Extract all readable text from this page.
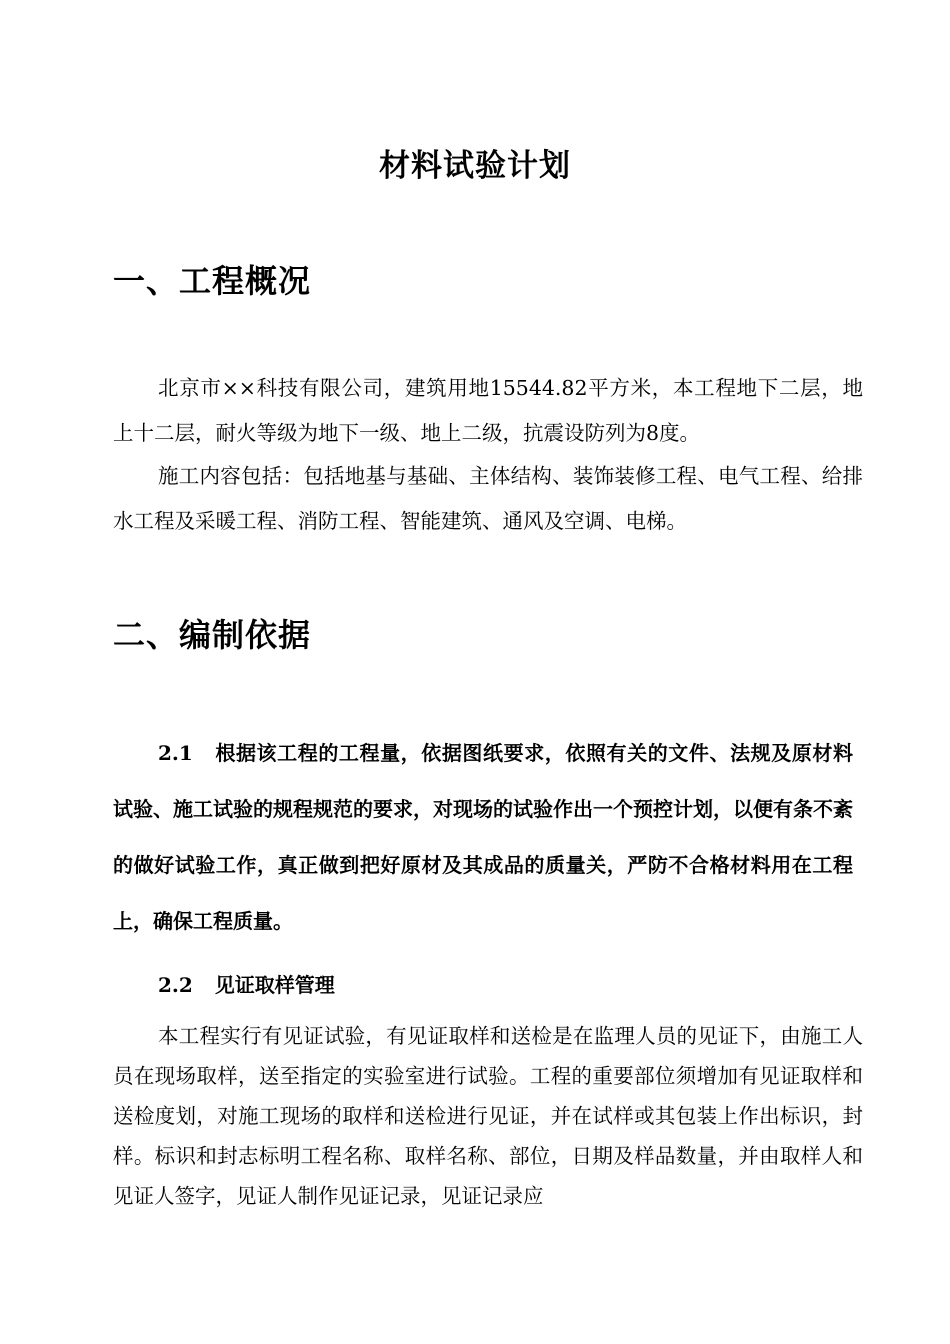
材料试验计划
一、工程概况

北京市××科技有限公司，建筑用地15544.82平方米，本工程地下二层，地上十二层，耐火等级为地下一级、地上二级，抗震设防列为8度。

施工内容包括：包括地基与基础、主体结构、装饰装修工程、电气工程、给排水工程及采暖工程、消防工程、智能建筑、通风及空调、电梯。

二、编制依据

2.1 根据该工程的工程量，依据图纸要求，依照有关的文件、法规及原材料试验、施工试验的规程规范的要求，对现场的试验作出一个预控计划，以便有条不紊的做好试验工作，真正做到把好原材及其成品的质量关，严防不合格材料用在工程上，确保工程质量。

2.2 见证取样管理

本工程实行有见证试验，有见证取样和送检是在监理人员的见证下，由施工人员在现场取样，送至指定的实验室进行试验。工程的重要部位须增加有见证取样和送检度划，对施工现场的取样和送检进行见证，并在试样或其包装上作出标识，封样。标识和封志标明工程名称、取样名称、部位，日期及样品数量，并由取样人和见证人签字，见证人制作见证记录，见证记录应
